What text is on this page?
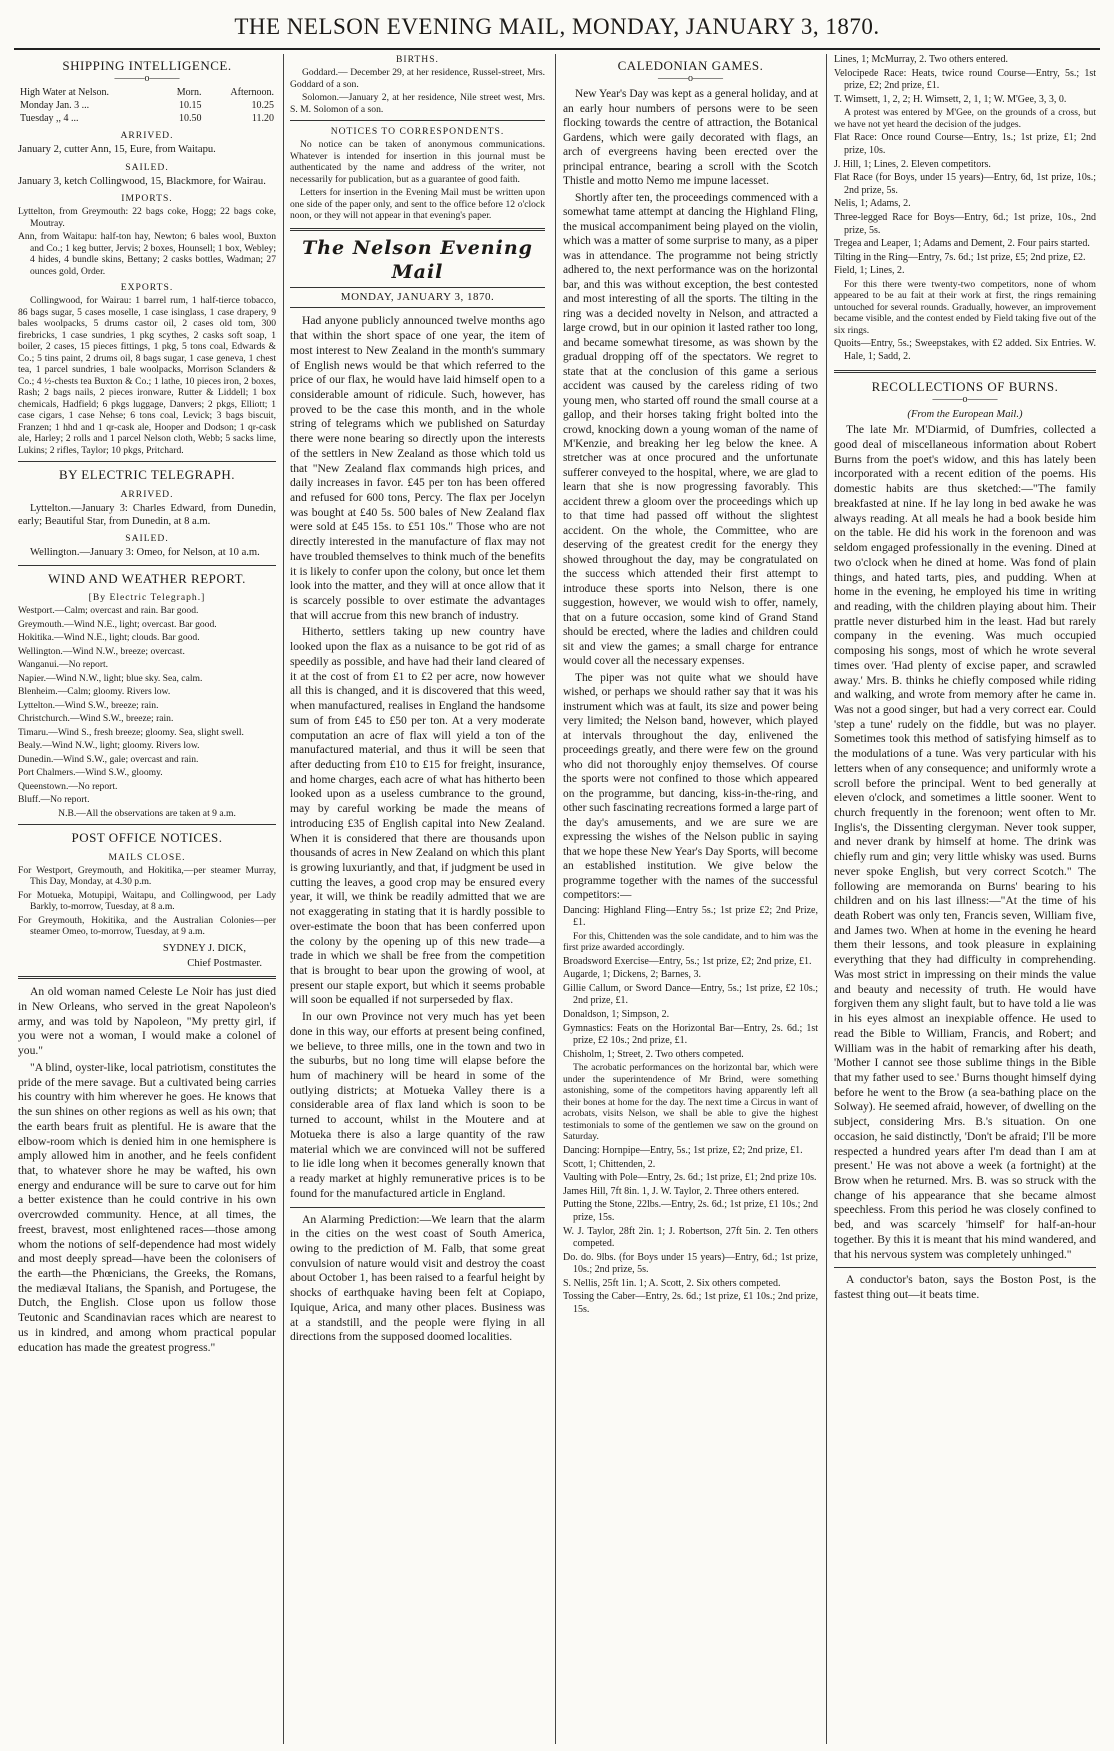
THE NELSON EVENING MAIL, MONDAY, JANUARY 3, 1870.
SHIPPING INTELLIGENCE.
———o———
High Water at Nelson.	Morn.	Afternoon.
Monday Jan. 3 ...	10.15	10.25
Tuesday ,, 4 ...	10.50	11.20
ARRIVED.

January 2, cutter Ann, 15, Eure, from Waitapu.

SAILED.

January 3, ketch Collingwood, 15, Blackmore, for Wairau.

IMPORTS.

Lyttelton, from Greymouth: 22 bags coke, Hogg; 22 bags coke, Moutray.

Ann, from Waitapu: half-ton hay, Newton; 6 bales wool, Buxton and Co.; 1 keg butter, Jervis; 2 boxes, Hounsell; 1 box, Webley; 4 hides, 4 bundle skins, Bettany; 2 casks bottles, Wadman; 27 ounces gold, Order.

EXPORTS.

Collingwood, for Wairau: 1 barrel rum, 1 half-tierce tobacco, 86 bags sugar, 5 cases moselle, 1 case isinglass, 1 case drapery, 9 bales woolpacks, 5 drums castor oil, 2 cases old tom, 300 firebricks, 1 case sundries, 1 pkg scythes, 2 casks soft soap, 1 boiler, 2 cases, 15 pieces fittings, 1 pkg, 5 tons coal, Edwards & Co.; 5 tins paint, 2 drums oil, 8 bags sugar, 1 case geneva, 1 chest tea, 1 parcel sundries, 1 bale woolpacks, Morrison Sclanders & Co.; 4 ½-chests tea Buxton & Co.; 1 lathe, 10 pieces iron, 2 boxes, Rash; 2 bags nails, 2 pieces ironware, Rutter & Liddell; 1 box chemicals, Hadfield; 6 pkgs luggage, Danvers; 2 pkgs, Elliott; 1 case cigars, 1 case Nehse; 6 tons coal, Levick; 3 bags biscuit, Franzen; 1 hhd and 1 qr-cask ale, Hooper and Dodson; 1 qr-cask ale, Harley; 2 rolls and 1 parcel Nelson cloth, Webb; 5 sacks lime, Lukins; 2 rifles, Taylor; 10 pkgs, Pritchard.

BY ELECTRIC TELEGRAPH.
ARRIVED.

Lyttelton.—January 3: Charles Edward, from Dunedin, early; Beautiful Star, from Dunedin, at 8 a.m.

SAILED.

Wellington.—January 3: Omeo, for Nelson, at 10 a.m.

WIND AND WEATHER REPORT.
[By Electric Telegraph.]

Westport.—Calm; overcast and rain. Bar good.

Greymouth.—Wind N.E., light; overcast. Bar good.

Hokitika.—Wind N.E., light; clouds. Bar good.

Wellington.—Wind N.W., breeze; overcast.

Wanganui.—No report.

Napier.—Wind N.W., light; blue sky. Sea, calm.

Blenheim.—Calm; gloomy. Rivers low.

Lyttelton.—Wind S.W., breeze; rain.

Christchurch.—Wind S.W., breeze; rain.

Timaru.—Wind S., fresh breeze; gloomy. Sea, slight swell.

Bealy.—Wind N.W., light; gloomy. Rivers low.

Dunedin.—Wind S.W., gale; overcast and rain.

Port Chalmers.—Wind S.W., gloomy.

Queenstown.—No report.

Bluff.—No report.

N.B.—All the observations are taken at 9 a.m.

POST OFFICE NOTICES.
MAILS CLOSE.

For Westport, Greymouth, and Hokitika,—per steamer Murray, This Day, Monday, at 4.30 p.m.

For Motueka, Motupipi, Waitapu, and Collingwood, per Lady Barkly, to-morrow, Tuesday, at 8 a.m.

For Greymouth, Hokitika, and the Australian Colonies—per steamer Omeo, to-morrow, Tuesday, at 9 a.m.

SYDNEY J. DICK,

Chief Postmaster.

An old woman named Celeste Le Noir has just died in New Orleans, who served in the great Napoleon's army, and was told by Napoleon, "My pretty girl, if you were not a woman, I would make a colonel of you."

"A blind, oyster-like, local patriotism, constitutes the pride of the mere savage. But a cultivated being carries his country with him wherever he goes. He knows that the sun shines on other regions as well as his own; that the earth bears fruit as plentiful. He is aware that the elbow-room which is denied him in one hemisphere is amply allowed him in another, and he feels confident that, to whatever shore he may be wafted, his own energy and endurance will be sure to carve out for him a better existence than he could contrive in his own overcrowded community. Hence, at all times, the freest, bravest, most enlightened races—those among whom the notions of self-dependence had most widely and most deeply spread—have been the colonisers of the earth—the Phœnicians, the Greeks, the Romans, the mediæval Italians, the Spanish, and Portugese, the Dutch, the English. Close upon us follow those Teutonic and Scandinavian races which are nearest to us in kindred, and among whom practical popular education has made the greatest progress."

BIRTHS.

Goddard.— December 29, at her residence, Russel-street, Mrs. Goddard of a son.

Solomon.—January 2, at her residence, Nile street west, Mrs. S. M. Solomon of a son.

NOTICES TO CORRESPONDENTS.

No notice can be taken of anonymous communications. Whatever is intended for insertion in this journal must be authenticated by the name and address of the writer, not necessarily for publication, but as a guarantee of good faith.

Letters for insertion in the Evening Mail must be written upon one side of the paper only, and sent to the office before 12 o'clock noon, or they will not appear in that evening's paper.

The Nelson Evening Mail
MONDAY, JANUARY 3, 1870.

Had anyone publicly announced twelve months ago that within the short space of one year, the item of most interest to New Zealand in the month's summary of English news would be that which referred to the price of our flax, he would have laid himself open to a considerable amount of ridicule. Such, however, has proved to be the case this month, and in the whole string of telegrams which we published on Saturday there were none bearing so directly upon the interests of the settlers in New Zealand as those which told us that "New Zealand flax commands high prices, and daily increases in favor. £45 per ton has been offered and refused for 600 tons, Percy. The flax per Jocelyn was bought at £40 5s. 500 bales of New Zealand flax were sold at £45 15s. to £51 10s." Those who are not directly interested in the manufacture of flax may not have troubled themselves to think much of the benefits it is likely to confer upon the colony, but once let them look into the matter, and they will at once allow that it is scarcely possible to over estimate the advantages that will accrue from this new branch of industry.

Hitherto, settlers taking up new country have looked upon the flax as a nuisance to be got rid of as speedily as possible, and have had their land cleared of it at the cost of from £1 to £2 per acre, now however all this is changed, and it is discovered that this weed, when manufactured, realises in England the handsome sum of from £45 to £50 per ton. At a very moderate computation an acre of flax will yield a ton of the manufactured material, and thus it will be seen that after deducting from £10 to £15 for freight, insurance, and home charges, each acre of what has hitherto been looked upon as a useless cumbrance to the ground, may by careful working be made the means of introducing £35 of English capital into New Zealand. When it is considered that there are thousands upon thousands of acres in New Zealand on which this plant is growing luxuriantly, and that, if judgment be used in cutting the leaves, a good crop may be ensured every year, it will, we think be readily admitted that we are not exaggerating in stating that it is hardly possible to over-estimate the boon that has been conferred upon the colony by the opening up of this new trade—a trade in which we shall be free from the competition that is brought to bear upon the growing of wool, at present our staple export, but which it seems probable will soon be equalled if not surperseded by flax.

In our own Province not very much has yet been done in this way, our efforts at present being confined, we believe, to three mills, one in the town and two in the suburbs, but no long time will elapse before the hum of machinery will be heard in some of the outlying districts; at Motueka Valley there is a considerable area of flax land which is soon to be turned to account, whilst in the Moutere and at Motueka there is also a large quantity of the raw material which we are convinced will not be suffered to lie idle long when it becomes generally known that a ready market at highly remunerative prices is to be found for the manufactured article in England.

An Alarming Prediction:—We learn that the alarm in the cities on the west coast of South America, owing to the prediction of M. Falb, that some great convulsion of nature would visit and destroy the coast about October 1, has been raised to a fearful height by shocks of earthquake having been felt at Copiapo, Iquique, Arica, and many other places. Business was at a standstill, and the people were flying in all directions from the supposed doomed localities.

CALEDONIAN GAMES.
———o———

New Year's Day was kept as a general holiday, and at an early hour numbers of persons were to be seen flocking towards the centre of attraction, the Botanical Gardens, which were gaily decorated with flags, an arch of evergreens having been erected over the principal entrance, bearing a scroll with the Scotch Thistle and motto Nemo me impune lacesset.

Shortly after ten, the proceedings commenced with a somewhat tame attempt at dancing the Highland Fling, the musical accompaniment being played on the violin, which was a matter of some surprise to many, as a piper was in attendance. The programme not being strictly adhered to, the next performance was on the horizontal bar, and this was without exception, the best contested and most interesting of all the sports. The tilting in the ring was a decided novelty in Nelson, and attracted a large crowd, but in our opinion it lasted rather too long, and became somewhat tiresome, as was shown by the gradual dropping off of the spectators. We regret to state that at the conclusion of this game a serious accident was caused by the careless riding of two young men, who started off round the small course at a gallop, and their horses taking fright bolted into the crowd, knocking down a young woman of the name of M'Kenzie, and breaking her leg below the knee. A stretcher was at once procured and the unfortunate sufferer conveyed to the hospital, where, we are glad to learn that she is now progressing favorably. This accident threw a gloom over the proceedings which up to that time had passed off without the slightest accident. On the whole, the Committee, who are deserving of the greatest credit for the energy they showed throughout the day, may be congratulated on the success which attended their first attempt to introduce these sports into Nelson, there is one suggestion, however, we would wish to offer, namely, that on a future occasion, some kind of Grand Stand should be erected, where the ladies and children could sit and view the games; a small charge for entrance would cover all the necessary expenses.

The piper was not quite what we should have wished, or perhaps we should rather say that it was his instrument which was at fault, its size and power being very limited; the Nelson band, however, which played at intervals throughout the day, enlivened the proceedings greatly, and there were few on the ground who did not thoroughly enjoy themselves. Of course the sports were not confined to those which appeared on the programme, but dancing, kiss-in-the-ring, and other such fascinating recreations formed a large part of the day's amusements, and we are sure we are expressing the wishes of the Nelson public in saying that we hope these New Year's Day Sports, will become an established institution. We give below the programme together with the names of the successful competitors:—

Dancing: Highland Fling—Entry 5s.; 1st prize £2; 2nd Prize, £1.

For this, Chittenden was the sole candidate, and to him was the first prize awarded accordingly.

Broadsword Exercise—Entry, 5s.; 1st prize, £2; 2nd prize, £1.

Augarde, 1; Dickens, 2; Barnes, 3.

Gillie Callum, or Sword Dance—Entry, 5s.; 1st prize, £2 10s.; 2nd prize, £1.

Donaldson, 1; Simpson, 2.

Gymnastics: Feats on the Horizontal Bar—Entry, 2s. 6d.; 1st prize, £2 10s.; 2nd prize, £1.

Chisholm, 1; Street, 2. Two others competed.

The acrobatic performances on the horizontal bar, which were under the superintendence of Mr Brind, were something astonishing, some of the competitors having apparently left all their bones at home for the day. The next time a Circus in want of acrobats, visits Nelson, we shall be able to give the highest testimonials to some of the gentlemen we saw on the ground on Saturday.

Dancing: Hornpipe—Entry, 5s.; 1st prize, £2; 2nd prize, £1.

Scott, 1; Chittenden, 2.

Vaulting with Pole—Entry, 2s. 6d.; 1st prize, £1; 2nd prize 10s.

James Hill, 7ft 8in. 1, J. W. Taylor, 2. Three others entered.

Putting the Stone, 22lbs.—Entry, 2s. 6d.; 1st prize, £1 10s.; 2nd prize, 15s.

W. J. Taylor, 28ft 2in. 1; J. Robertson, 27ft 5in. 2. Ten others competed.

Do. do. 9lbs. (for Boys under 15 years)—Entry, 6d.; 1st prize, 10s.; 2nd prize, 5s.

S. Nellis, 25ft 1in. 1; A. Scott, 2. Six others competed.

Tossing the Caber—Entry, 2s. 6d.; 1st prize, £1 10s.; 2nd prize, 15s.

Lines, 1; McMurray, 2. Two others entered.

Velocipede Race: Heats, twice round Course—Entry, 5s.; 1st prize, £2; 2nd prize, £1.

T. Wimsett, 1, 2, 2; H. Wimsett, 2, 1, 1; W. M'Gee, 3, 3, 0.

A protest was entered by M'Gee, on the grounds of a cross, but we have not yet heard the decision of the judges.

Flat Race: Once round Course—Entry, 1s.; 1st prize, £1; 2nd prize, 10s.

J. Hill, 1; Lines, 2. Eleven competitors.

Flat Race (for Boys, under 15 years)—Entry, 6d, 1st prize, 10s.; 2nd prize, 5s.

Nelis, 1; Adams, 2.

Three-legged Race for Boys—Entry, 6d.; 1st prize, 10s., 2nd prize, 5s.

Tregea and Leaper, 1; Adams and Dement, 2. Four pairs started.

Tilting in the Ring—Entry, 7s. 6d.; 1st prize, £5; 2nd prize, £2.

Field, 1; Lines, 2.

For this there were twenty-two competitors, none of whom appeared to be au fait at their work at first, the rings remaining untouched for several rounds. Gradually, however, an improvement became visible, and the contest ended by Field taking five out of the six rings.

Quoits—Entry, 5s.; Sweepstakes, with £2 added. Six Entries. W. Hale, 1; Sadd, 2.

RECOLLECTIONS OF BURNS.
———o———

(From the European Mail.)

The late Mr. M'Diarmid, of Dumfries, collected a good deal of miscellaneous information about Robert Burns from the poet's widow, and this has lately been incorporated with a recent edition of the poems. His domestic habits are thus sketched:—"The family breakfasted at nine. If he lay long in bed awake he was always reading. At all meals he had a book beside him on the table. He did his work in the forenoon and was seldom engaged professionally in the evening. Dined at two o'clock when he dined at home. Was fond of plain things, and hated tarts, pies, and pudding. When at home in the evening, he employed his time in writing and reading, with the children playing about him. Their prattle never disturbed him in the least. Had but rarely company in the evening. Was much occupied composing his songs, most of which he wrote several times over. 'Had plenty of excise paper, and scrawled away.' Mrs. B. thinks he chiefly composed while riding and walking, and wrote from memory after he came in. Was not a good singer, but had a very correct ear. Could 'step a tune' rudely on the fiddle, but was no player. Sometimes took this method of satisfying himself as to the modulations of a tune. Was very particular with his letters when of any consequence; and uniformly wrote a scroll before the principal. Went to bed generally at eleven o'clock, and sometimes a little sooner. Went to church frequently in the forenoon; went often to Mr. Inglis's, the Dissenting clergyman. Never took supper, and never drank by himself at home. The drink was chiefly rum and gin; very little whisky was used. Burns never spoke English, but very correct Scotch." The following are memoranda on Burns' bearing to his children and on his last illness:—"At the time of his death Robert was only ten, Francis seven, William five, and James two. When at home in the evening he heard them their lessons, and took pleasure in explaining everything that they had difficulty in comprehending. Was most strict in impressing on their minds the value and beauty and necessity of truth. He would have forgiven them any slight fault, but to have told a lie was in his eyes almost an inexpiable offence. He used to read the Bible to William, Francis, and Robert; and William was in the habit of remarking after his death, 'Mother I cannot see those sublime things in the Bible that my father used to see.' Burns thought himself dying before he went to the Brow (a sea-bathing place on the Solway). He seemed afraid, however, of dwelling on the subject, considering Mrs. B.'s situation. On one occasion, he said distinctly, 'Don't be afraid; I'll be more respected a hundred years after I'm dead than I am at present.' He was not above a week (a fortnight) at the Brow when he returned. Mrs. B. was so struck with the change of his appearance that she became almost speechless. From this period he was closely confined to bed, and was scarcely 'himself' for half-an-hour together. By this it is meant that his mind wandered, and that his nervous system was completely unhinged."

A conductor's baton, says the Boston Post, is the fastest thing out—it beats time.
